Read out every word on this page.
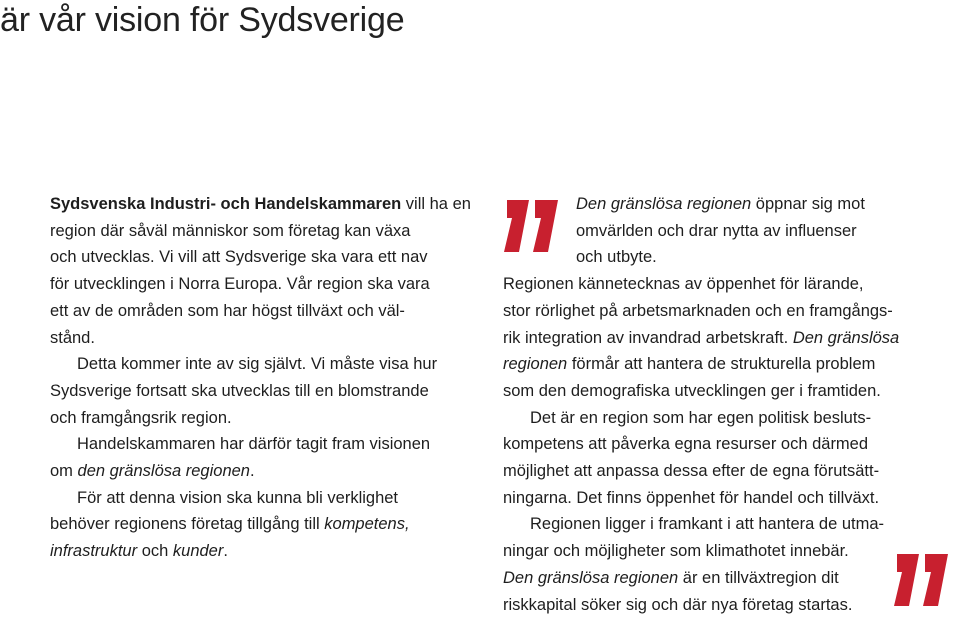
är vår vision för Sydsverige
Sydsvenska Industri- och Handelskammaren vill ha en
region där såväl människor som företag kan växa
och utvecklas. Vi vill att Sydsverige ska vara ett nav
för utvecklingen i Norra Europa. Vår region ska vara
ett av de områden som har högst tillväxt och väl-
stånd.
Detta kommer inte av sig självt. Vi måste visa hur
Sydsverige fortsatt ska utvecklas till en blomstrande
och framgångsrik region.
Handelskammaren har därför tagit fram visionen
om den gränslösa regionen.
För att denna vision ska kunna bli verklighet
behöver regionens företag tillgång till kompetens,
infrastruktur och kunder.
Den gränslösa regionen öppnar sig mot
omvärlden och drar nytta av influenser
och utbyte.
Regionen kännetecknas av öppenhet för lärande,
stor rörlighet på arbetsmarknaden och en framgångs-
rik integration av invandrad arbetskraft. Den gränslösa
regionen förmår att hantera de strukturella problem
som den demografiska utvecklingen ger i framtiden.
Det är en region som har egen politisk besluts-
kompetens att påverka egna resurser och därmed
möjlighet att anpassa dessa efter de egna förutsätt-
ningarna. Det finns öppenhet för handel och tillväxt.
Regionen ligger i framkant i att hantera de utma-
ningar och möjligheter som klimathotet innebär.
Den gränslösa regionen är en tillväxtregion dit
riskkapital söker sig och där nya företag startas.
